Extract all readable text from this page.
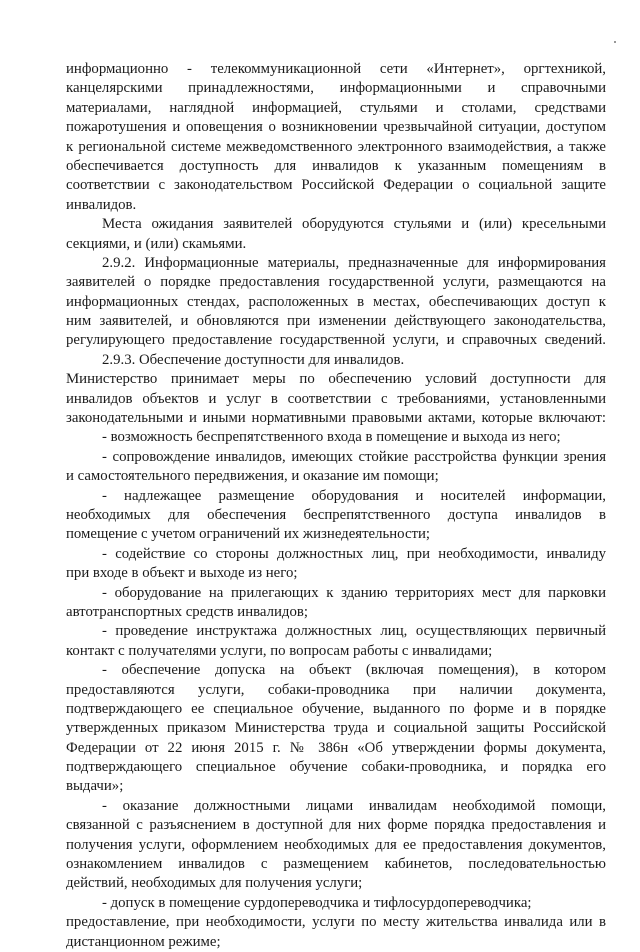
информационно - телекоммуникационной сети «Интернет», оргтехникой,
канцелярскими принадлежностями, информационными и справочными
материалами, наглядной информацией, стульями и столами, средствами
пожаротушения и оповещения о возникновении чрезвычайной ситуации, доступом
к региональной системе межведомственного электронного взаимодействия, а также
обеспечивается доступность для инвалидов к указанным помещениям в
соответствии с законодательством Российской Федерации о социальной защите
инвалидов.
Места ожидания заявителей оборудуются стульями и (или) кресельными
секциями, и (или) скамьями.
2.9.2. Информационные материалы, предназначенные для информирования
заявителей о порядке предоставления государственной услуги, размещаются на
информационных стендах, расположенных в местах, обеспечивающих доступ к
ним заявителей, и обновляются при изменении действующего законодательства,
регулирующего предоставление государственной услуги, и справочных сведений.
2.9.3. Обеспечение доступности для инвалидов.
Министерство принимает меры по обеспечению условий доступности для
инвалидов объектов и услуг в соответствии с требованиями, установленными
законодательными и иными нормативными правовыми актами, которые включают:
- возможность беспрепятственного входа в помещение и выхода из него;
- сопровождение инвалидов, имеющих стойкие расстройства функции зрения
и самостоятельного передвижения, и оказание им помощи;
- надлежащее размещение оборудования и носителей информации,
необходимых для обеспечения беспрепятственного доступа инвалидов в
помещение с учетом ограничений их жизнедеятельности;
- содействие со стороны должностных лиц, при необходимости, инвалиду
при входе в объект и выходе из него;
- оборудование на прилегающих к зданию территориях мест для парковки
автотранспортных средств инвалидов;
- проведение инструктажа должностных лиц, осуществляющих первичный
контакт с получателями услуги, по вопросам работы с инвалидами;
- обеспечение допуска на объект (включая помещения), в котором
предоставляются услуги, собаки-проводника при наличии документа,
подтверждающего ее специальное обучение, выданного по форме и в порядке
утвержденных приказом Министерства труда и социальной защиты Российской
Федерации от 22 июня 2015 г. № 386н «Об утверждении формы документа,
подтверждающего специальное обучение собаки-проводника, и порядка его
выдачи»;
- оказание должностными лицами инвалидам необходимой помощи,
связанной с разъяснением в доступной для них форме порядка предоставления и
получения услуги, оформлением необходимых для ее предоставления документов,
ознакомлением инвалидов с размещением кабинетов, последовательностью
действий, необходимых для получения услуги;
- допуск в помещение сурдопереводчика и тифлосурдопереводчика;
предоставление, при необходимости, услуги по месту жительства инвалида или в
дистанционном режиме;
